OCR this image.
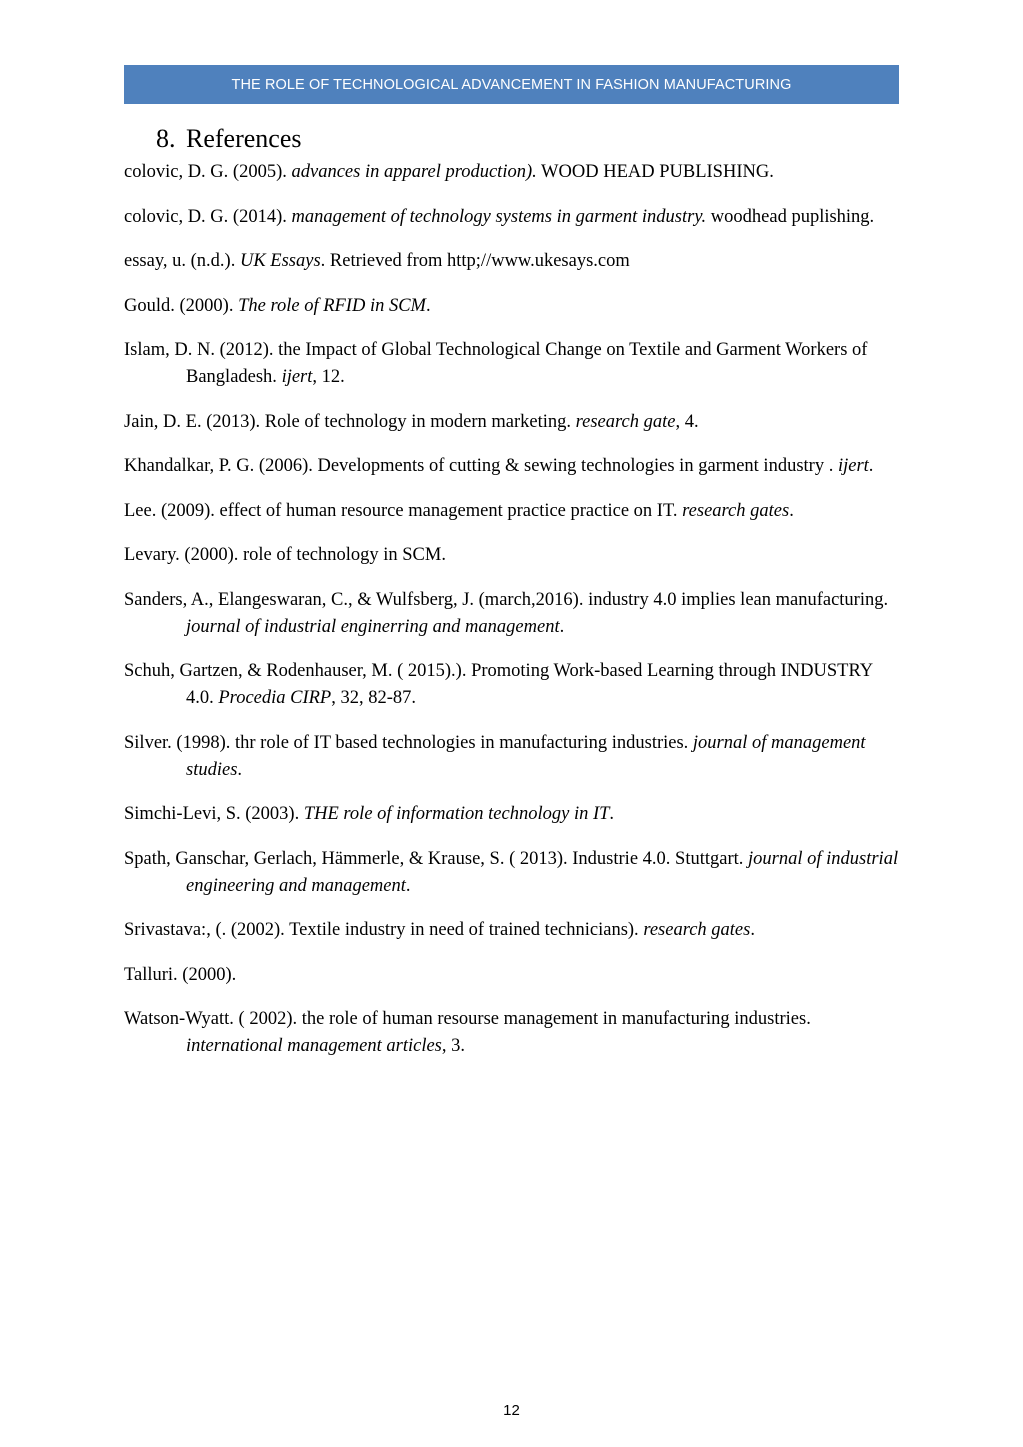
THE ROLE OF TECHNOLOGICAL ADVANCEMENT IN FASHION MANUFACTURING
8. References

colovic, D. G. (2005). advances in apparel production). WOOD HEAD PUBLISHING.

colovic, D. G. (2014). management of technology systems in garment industry. woodhead puplishing.

essay, u. (n.d.). UK Essays. Retrieved from http;//www.ukesays.com

Gould. (2000). The role of RFID in SCM.

Islam, D. N. (2012). the Impact of Global Technological Change on Textile and Garment Workers of Bangladesh. ijert, 12.

Jain, D. E. (2013). Role of technology in modern marketing. research gate, 4.

Khandalkar, P. G. (2006). Developments of cutting & sewing technologies in garment industry . ijert.

Lee. (2009). effect of human resource management practice practice on IT. research gates.

Levary. (2000). role of technology in SCM.

Sanders, A., Elangeswaran, C., & Wulfsberg, J. (march,2016). industry 4.0 implies lean manufacturing. journal of industrial enginerring and management.

Schuh, Gartzen, & Rodenhauser, M. ( 2015).). Promoting Work-based Learning through INDUSTRY 4.0. Procedia CIRP, 32, 82-87.

Silver. (1998). thr role of IT based technologies in manufacturing industries. journal of management studies.

Simchi-Levi, S. (2003). THE role of information technology in IT.

Spath, Ganschar, Gerlach, Hämmerle, & Krause, S. ( 2013). Industrie 4.0. Stuttgart. journal of industrial engineering and management.

Srivastava:, (. (2002). Textile industry in need of trained technicians). research gates.

Talluri. (2000).

Watson-Wyatt. ( 2002). the role of human resourse management in manufacturing industries. international management articles, 3.

12
